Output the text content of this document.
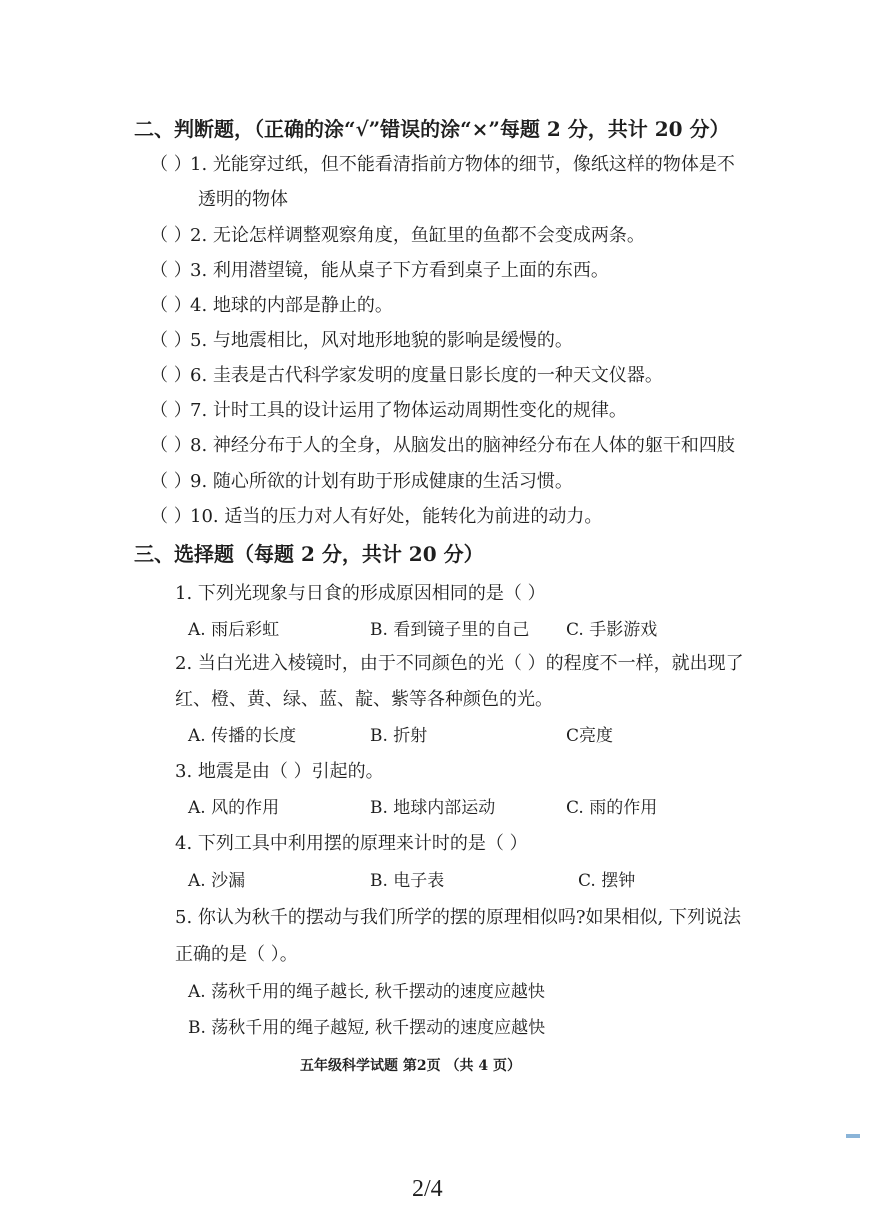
二、判断题，（正确的涂“√”错误的涂“×”每题 2 分，共计 20 分）
（ ）1. 光能穿过纸，但不能看清指前方物体的细节，像纸这样的物体是不
透明的物体
（ ）2. 无论怎样调整观察角度，鱼缸里的鱼都不会变成两条。
（ ）3. 利用潜望镜，能从桌子下方看到桌子上面的东西。
（ ）4. 地球的内部是静止的。
（ ）5. 与地震相比，风对地形地貌的影响是缓慢的。
（ ）6. 圭表是古代科学家发明的度量日影长度的一种天文仪器。
（ ）7. 计时工具的设计运用了物体运动周期性变化的规律。
（ ）8. 神经分布于人的全身，从脑发出的脑神经分布在人体的躯干和四肢
（ ）9. 随心所欲的计划有助于形成健康的生活习惯。
（ ）10. 适当的压力对人有好处，能转化为前进的动力。
三、选择题（每题 2 分，共计 20 分）
1. 下列光现象与日食的形成原因相同的是（ ）
A. 雨后彩虹	B. 看到镜子里的自己 C. 手影游戏
2. 当白光进入棱镜时，由于不同颜色的光（ ）的程度不一样，就出现了
红、橙、黄、绿、蓝、靛、紫等各种颜色的光。
A. 传播的长度	B. 折射	C亮度
3. 地震是由（ ）引起的。
A. 风的作用	B. 地球内部运动	C. 雨的作用
4. 下列工具中利用摆的原理来计时的是（ ）
A. 沙漏	B. 电子表	C. 摆钟
5. 你认为秋千的摆动与我们所学的摆的原理相似吗?如果相似, 下列说法
正确的是（ ）。
A. 荡秋千用的绳子越长, 秋千摆动的速度应越快
B. 荡秋千用的绳子越短, 秋千摆动的速度应越快
五年级科学试题 第2页 （共 4 页）
2/4
